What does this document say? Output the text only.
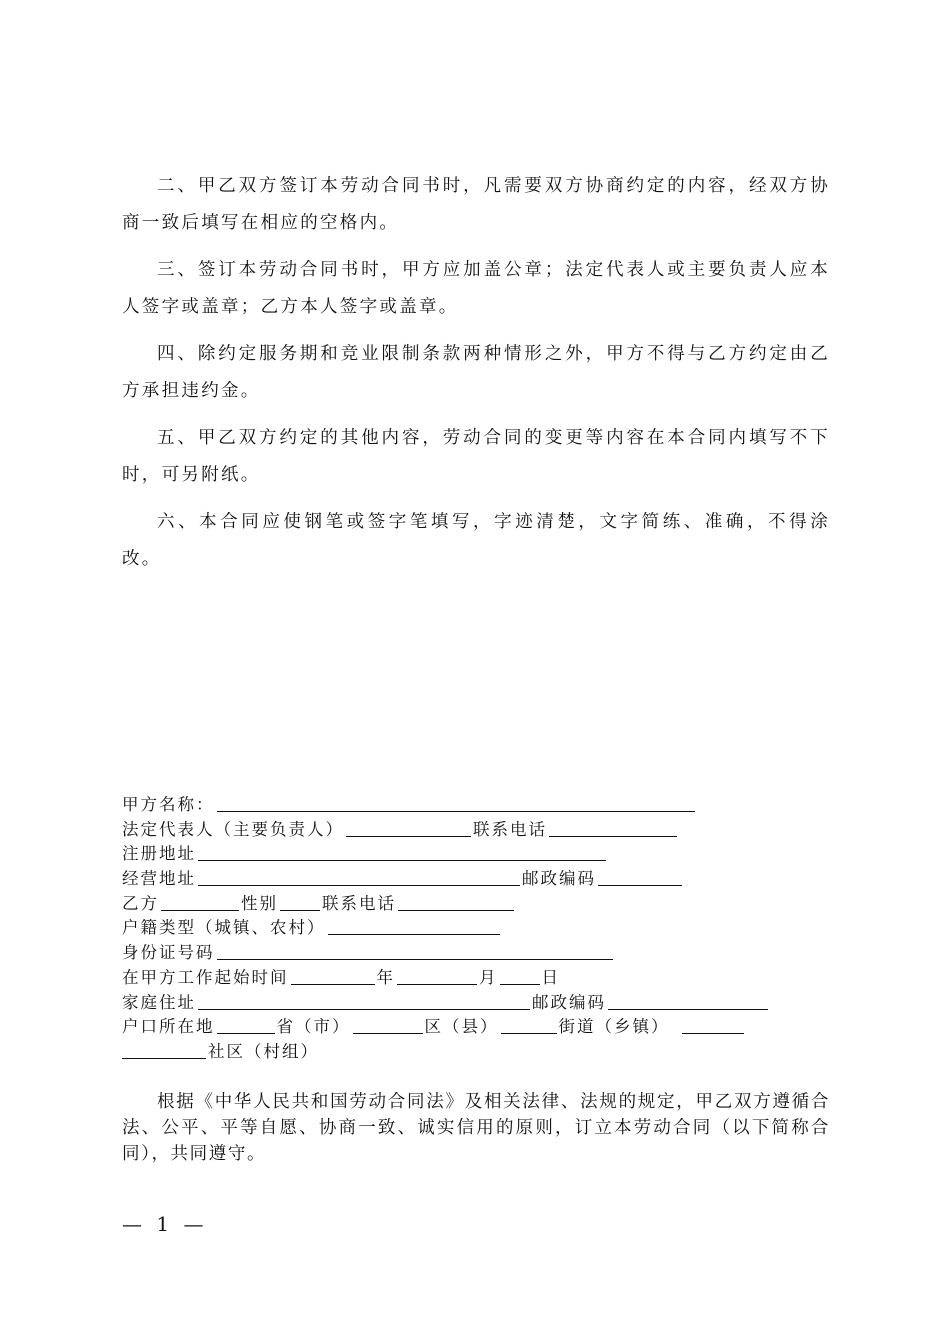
二、甲乙双方签订本劳动合同书时，凡需要双方协商约定的内容，经双方协商一致后填写在相应的空格内。

三、签订本劳动合同书时，甲方应加盖公章；法定代表人或主要负责人应本人签字或盖章；乙方本人签字或盖章。

四、除约定服务期和竞业限制条款两种情形之外，甲方不得与乙方约定由乙方承担违约金。

五、甲乙双方约定的其他内容，劳动合同的变更等内容在本合同内填写不下时，可另附纸。

六、本合同应使钢笔或签字笔填写，字迹清楚，文字简练、准确，不得涂改。

甲方名称：
法定代表人（主要负责人）	联系电话
注册地址
经营地址	邮政编码
乙方	性别	联系电话
户籍类型（城镇、农村）
身份证号码
在甲方工作起始时间	年	月	日
家庭住址	邮政编码
户口所在地	省（市）	区（县）	街道（乡镇）
社区（村组）

根据《中华人民共和国劳动合同法》及相关法律、法规的规定，甲乙双方遵循合法、公平、平等自愿、协商一致、诚实信用的原则，订立本劳动合同（以下简称合同），共同遵守。

— 1 —
